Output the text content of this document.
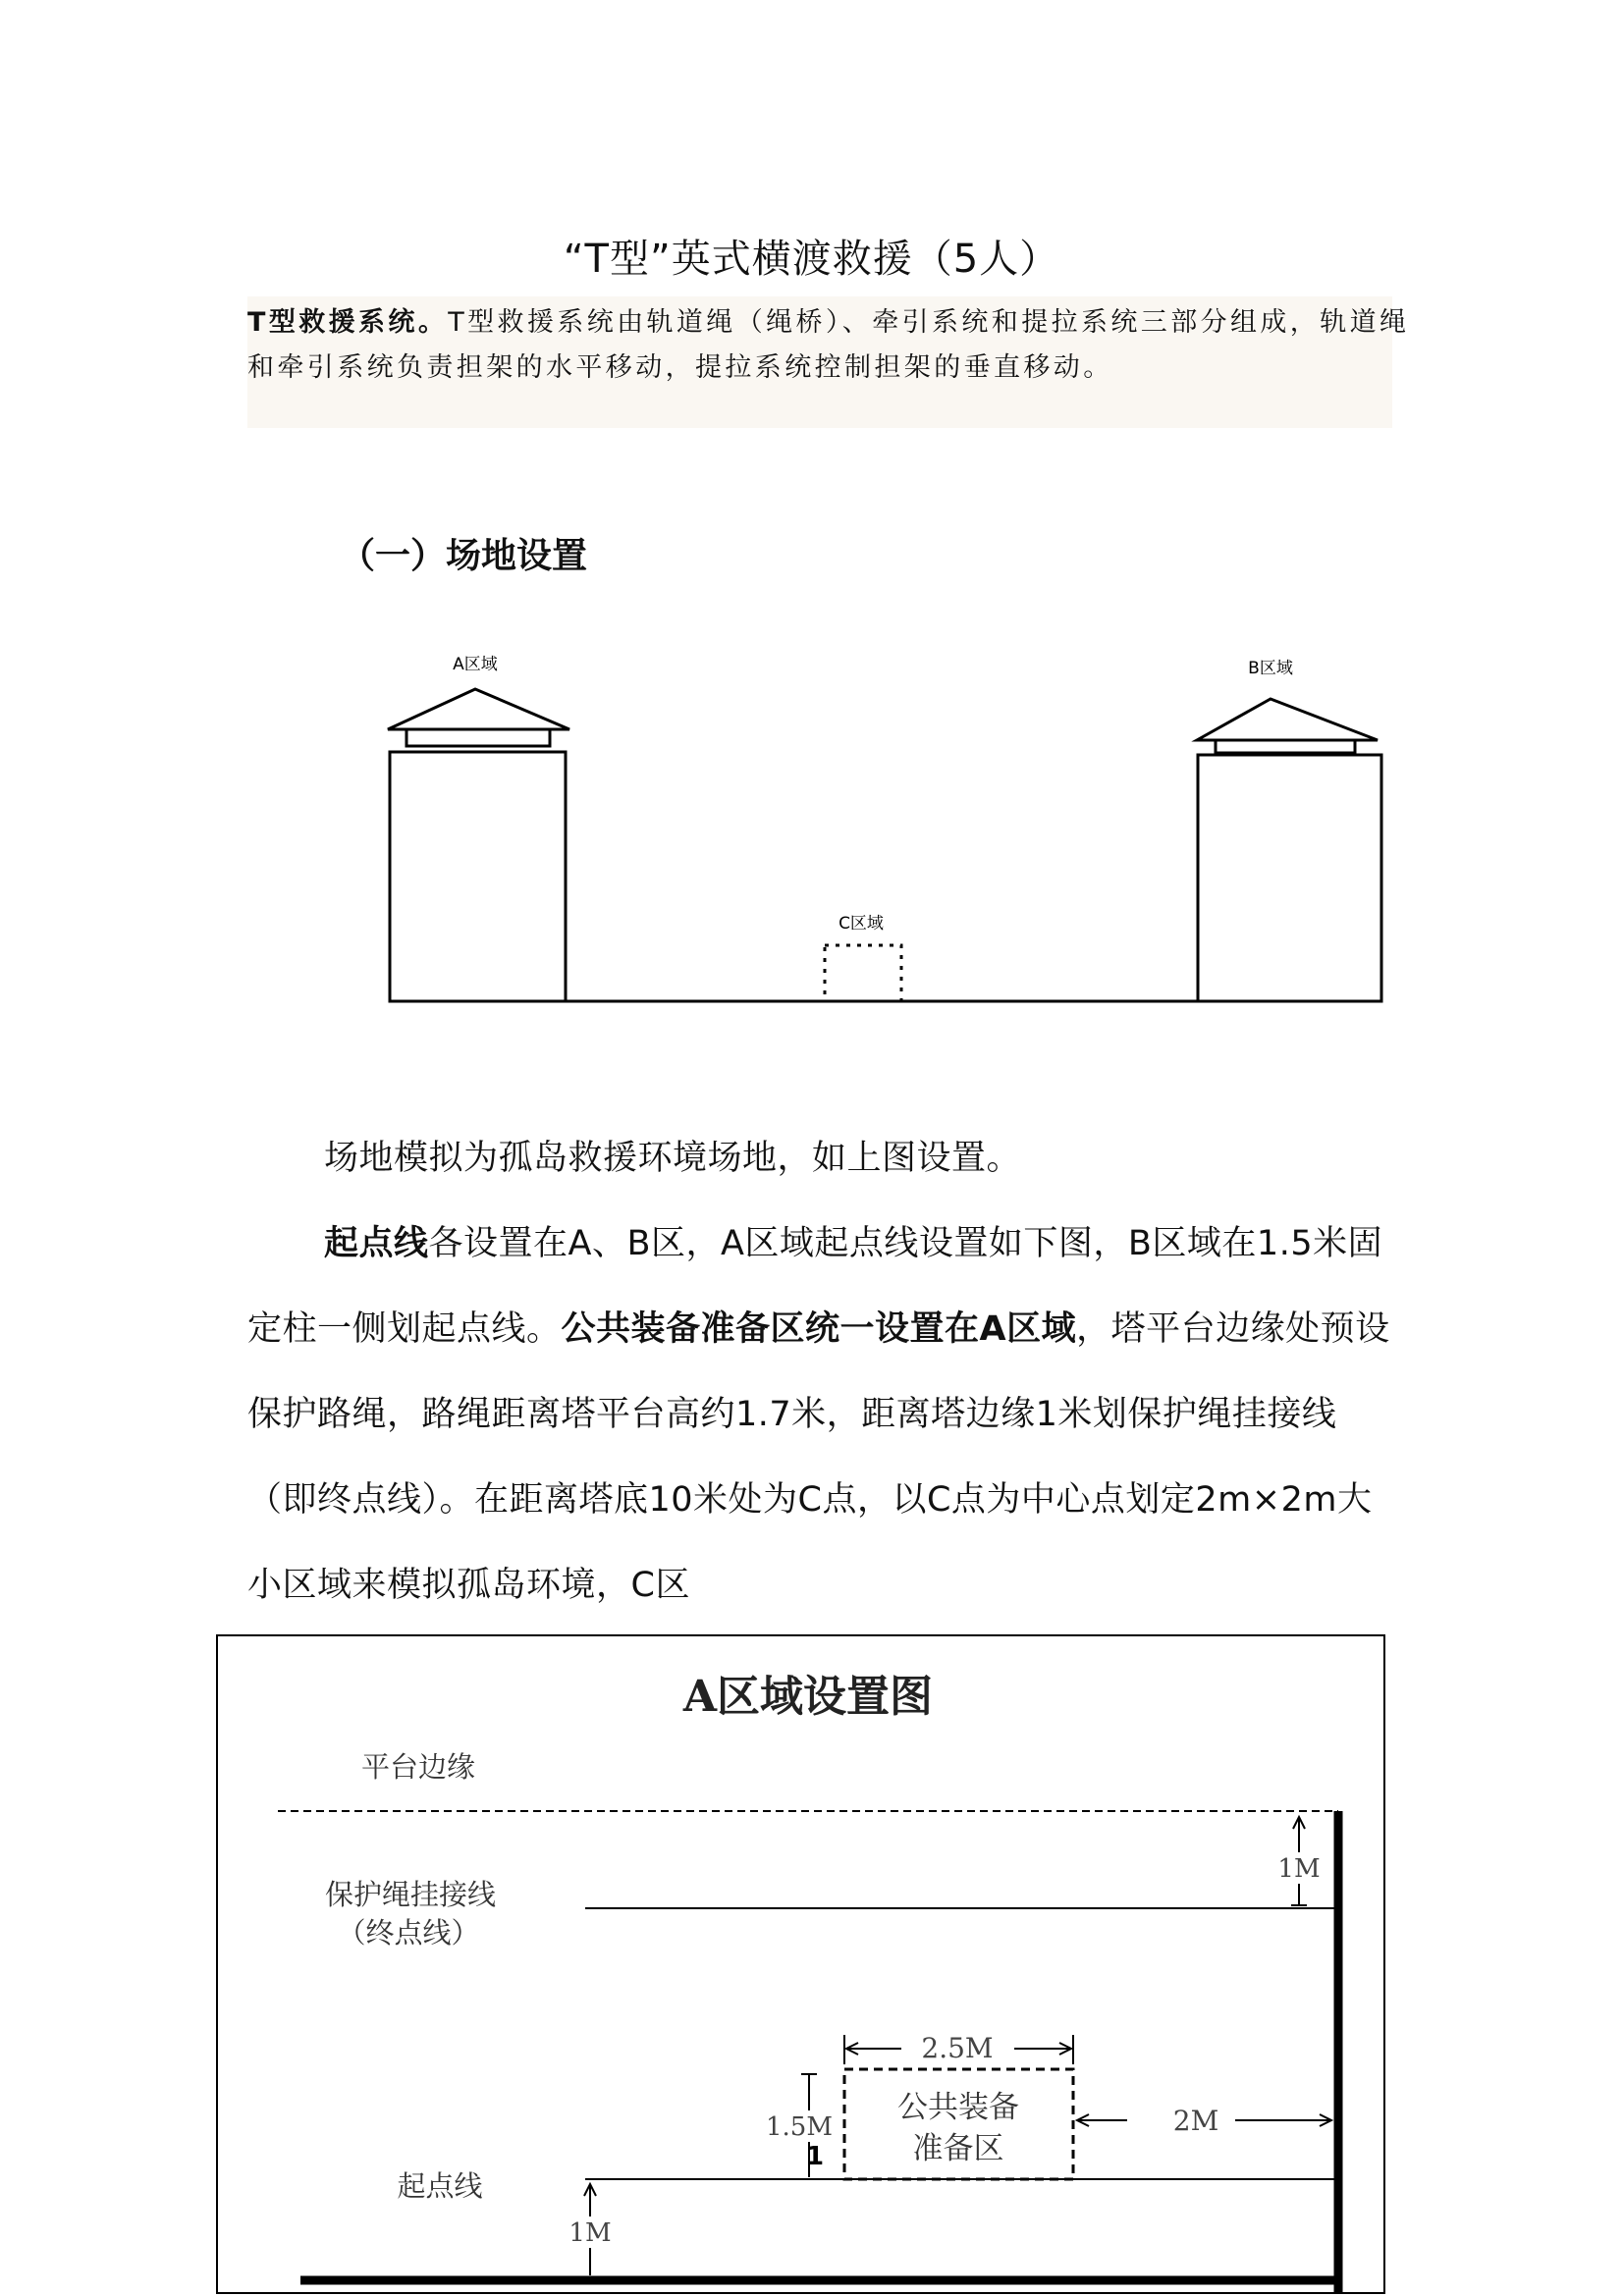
“T型”英式横渡救援（5人）
T型救援系统。T型救援系统由轨道绳（绳桥）、牵引系统和提拉系统三部分组成，轨道绳和牵引系统负责担架的水平移动，提拉系统控制担架的垂直移动。
（一）场地设置
A区域	B区域
C区域
场地模拟为孤岛救援环境场地，如上图设置。
起点线各设置在A、B区，A区域起点线设置如下图，B区域在1.5米固定柱一侧划起点线。公共装备准备区统一设置在A区域，塔平台边缘处预设保护路绳，路绳距离塔平台高约1.7米，距离塔边缘1米划保护绳挂接线（即终点线）。在距离塔底10米处为C点，以C点为中心点划定2m×2m大小区域来模拟孤岛环境，C区
A区域设置图
平台边缘
1M
保护绳挂接线
（终点线）
公共装备
准备区
2.5M
1.5M
1
2M
起点线
1M
